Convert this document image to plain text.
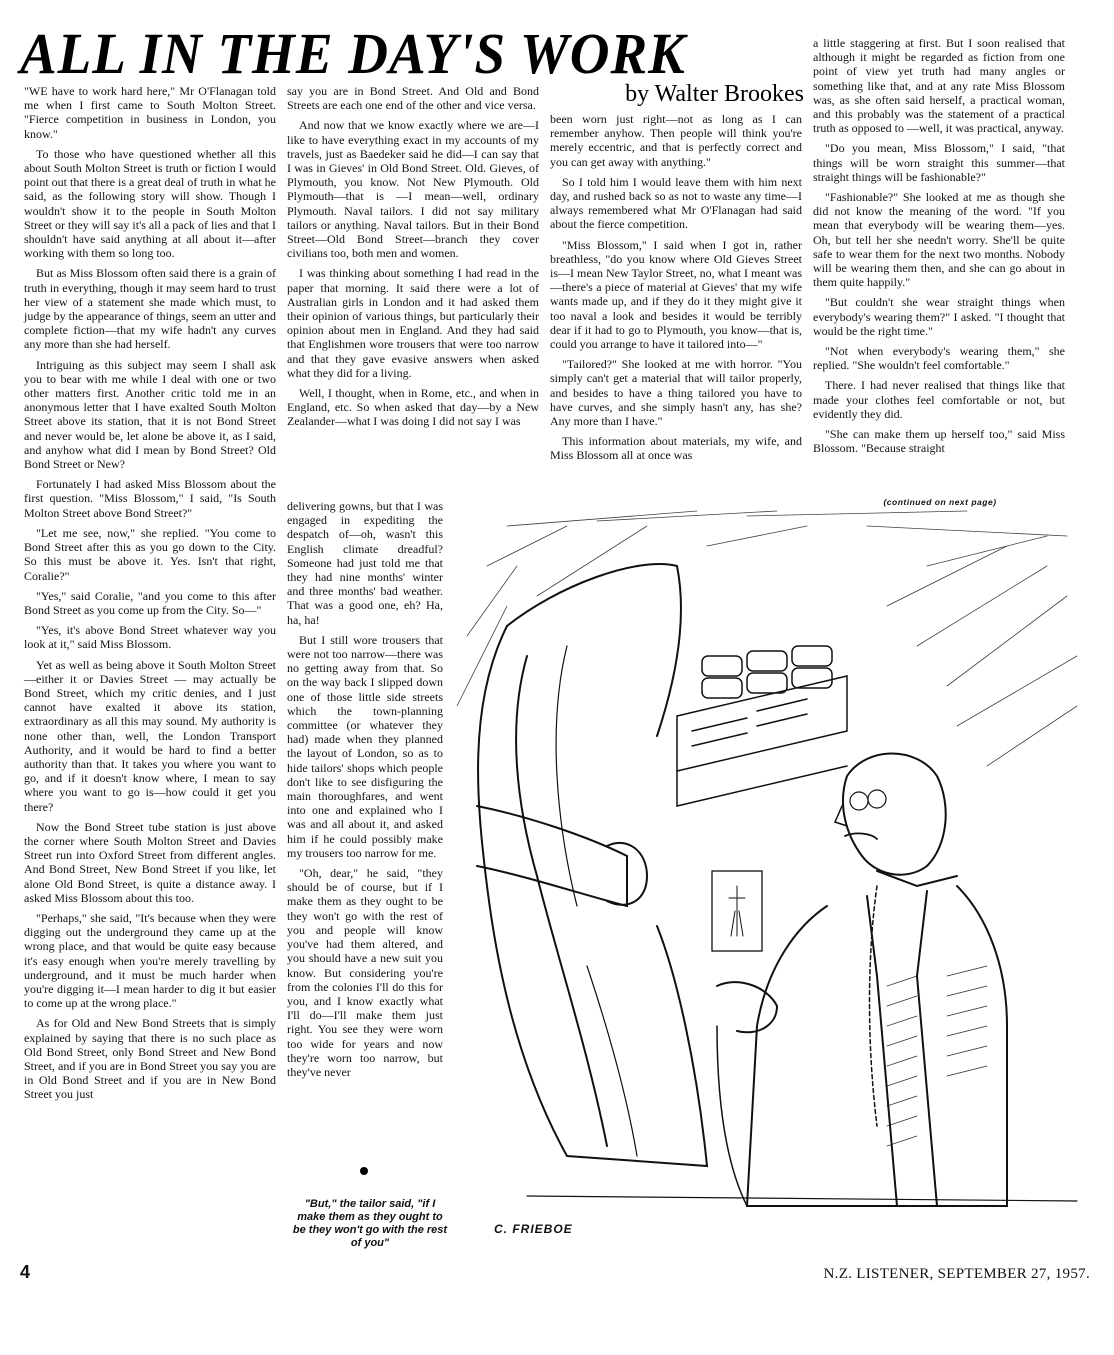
ALL IN THE DAY'S WORK
by Walter Brookes

"WE have to work hard here," Mr O'Flanagan told me when I first came to South Molton Street. "Fierce competition in business in London, you know."

To those who have questioned whether all this about South Molton Street is truth or fiction I would point out that there is a great deal of truth in what he said, as the following story will show. Though I wouldn't show it to the people in South Molton Street or they will say it's all a pack of lies and that I shouldn't have said anything at all about it—after working with them so long too.

But as Miss Blossom often said there is a grain of truth in everything, though it may seem hard to trust her view of a statement she made which must, to judge by the appearance of things, seem an utter and complete fiction—that my wife hadn't any curves any more than she had herself.

Intriguing as this subject may seem I shall ask you to bear with me while I deal with one or two other matters first. Another critic told me in an anonymous letter that I have exalted South Molton Street above its station, that it is not Bond Street and never would be, let alone be above it, as I said, and anyhow what did I mean by Bond Street? Old Bond Street or New?

Fortunately I had asked Miss Blossom about the first question. "Miss Blossom," I said, "Is South Molton Street above Bond Street?"

"Let me see, now," she replied. "You come to Bond Street after this as you go down to the City. So this must be above it. Yes. Isn't that right, Coralie?"

"Yes," said Coralie, "and you come to this after Bond Street as you come up from the City. So—"

"Yes, it's above Bond Street whatever way you look at it," said Miss Blossom.

Yet as well as being above it South Molton Street—either it or Davies Street — may actually be Bond Street, which my critic denies, and I just cannot have exalted it above its station, extraordinary as all this may sound. My authority is none other than, well, the London Transport Authority, and it would be hard to find a better authority than that. It takes you where you want to go, and if it doesn't know where, I mean to say where you want to go is—how could it get you there?

Now the Bond Street tube station is just above the corner where South Molton Street and Davies Street run into Oxford Street from different angles. And Bond Street, New Bond Street if you like, let alone Old Bond Street, is quite a distance away. I asked Miss Blossom about this too.

"Perhaps," she said, "It's because when they were digging out the underground they came up at the wrong place, and that would be quite easy because it's easy enough when you're merely travelling by underground, and it must be much harder when you're digging it—I mean harder to dig it but easier to come up at the wrong place."

As for Old and New Bond Streets that is simply explained by saying that there is no such place as Old Bond Street, only Bond Street and New Bond Street, and if you are in Bond Street you say you are in Old Bond Street and if you are in New Bond Street you just

say you are in Bond Street. And Old and Bond Streets are each one end of the other and vice versa.

And now that we know exactly where we are—I like to have everything exact in my accounts of my travels, just as Baedeker said he did—I can say that I was in Gieves' in Old Bond Street. Old. Gieves, of Plymouth, you know. Not New Plymouth. Old Plymouth—that is —I mean—well, ordinary Plymouth. Naval tailors. I did not say military tailors or anything. Naval tailors. But in their Bond Street—Old Bond Street—branch they cover civilians too, both men and women.

I was thinking about something I had read in the paper that morning. It said there were a lot of Australian girls in London and it had asked them their opinion of various things, but particularly their opinion about men in England. And they had said that Englishmen wore trousers that were too narrow and that they gave evasive answers when asked what they did for a living.

Well, I thought, when in Rome, etc., and when in England, etc. So when asked that day—by a New Zealander—what I was doing I did not say I was

delivering gowns, but that I was engaged in expediting the despatch of—oh, wasn't this English climate dreadful? Someone had just told me that they had nine months' winter and three months' bad weather. That was a good one, eh? Ha, ha, ha!

But I still wore trousers that were not too narrow—there was no getting away from that. So on the way back I slipped down one of those little side streets which the town-planning committee (or whatever they had) made when they planned the layout of London, so as to hide tailors' shops which people don't like to see disfiguring the main thoroughfares, and went into one and explained who I was and all about it, and asked him if he could possibly make my trousers too narrow for me.

"Oh, dear," he said, "they should be of course, but if I make them as they ought to be they won't go with the rest of you and people will know you've had them altered, and you should have a new suit you know. But considering you're from the colonies I'll do this for you, and I know exactly what I'll do—I'll make them just right. You see they were worn too wide for years and now they're worn too narrow, but they've never

been worn just right—not as long as I can remember anyhow. Then people will think you're merely eccentric, and that is perfectly correct and you can get away with anything."

So I told him I would leave them with him next day, and rushed back so as not to waste any time—I always remembered what Mr O'Flanagan had said about the fierce competition.

"Miss Blossom," I said when I got in, rather breathless, "do you know where Old Gieves Street is—I mean New Taylor Street, no, what I meant was—there's a piece of material at Gieves' that my wife wants made up, and if they do it they might give it too naval a look and besides it would be terribly dear if it had to go to Plymouth, you know—that is, could you arrange to have it tailored into—"

"Tailored?" She looked at me with horror. "You simply can't get a material that will tailor properly, and besides to have a thing tailored you have to have curves, and she simply hasn't any, has she? Any more than I have."

This information about materials, my wife, and Miss Blossom all at once was

a little staggering at first. But I soon realised that although it might be regarded as fiction from one point of view yet truth had many angles or something like that, and at any rate Miss Blossom was, as she often said herself, a practical woman, and this probably was the statement of a practical truth as opposed to —well, it was practical, anyway.

"Do you mean, Miss Blossom," I said, "that things will be worn straight this summer—that straight things will be fashionable?"

"Fashionable?" She looked at me as though she did not know the meaning of the word. "If you mean that everybody will be wearing them—yes. Oh, but tell her she needn't worry. She'll be quite safe to wear them for the next two months. Nobody will be wearing them then, and she can go about in them quite happily."

"But couldn't she wear straight things when everybody's wearing them?" I asked. "I thought that would be the right time."

"Not when everybody's wearing them," she replied. "She wouldn't feel comfortable."

There. I had never realised that things like that made your clothes feel comfortable or not, but evidently they did.

"She can make them up herself too," said Miss Blossom. "Because straight

"But," the tailor said, "if I make them as they ought to be they won't go with the rest of you"
(continued on next page)
C. FRIEBOE
4	N.Z. LISTENER, SEPTEMBER 27, 1957.
